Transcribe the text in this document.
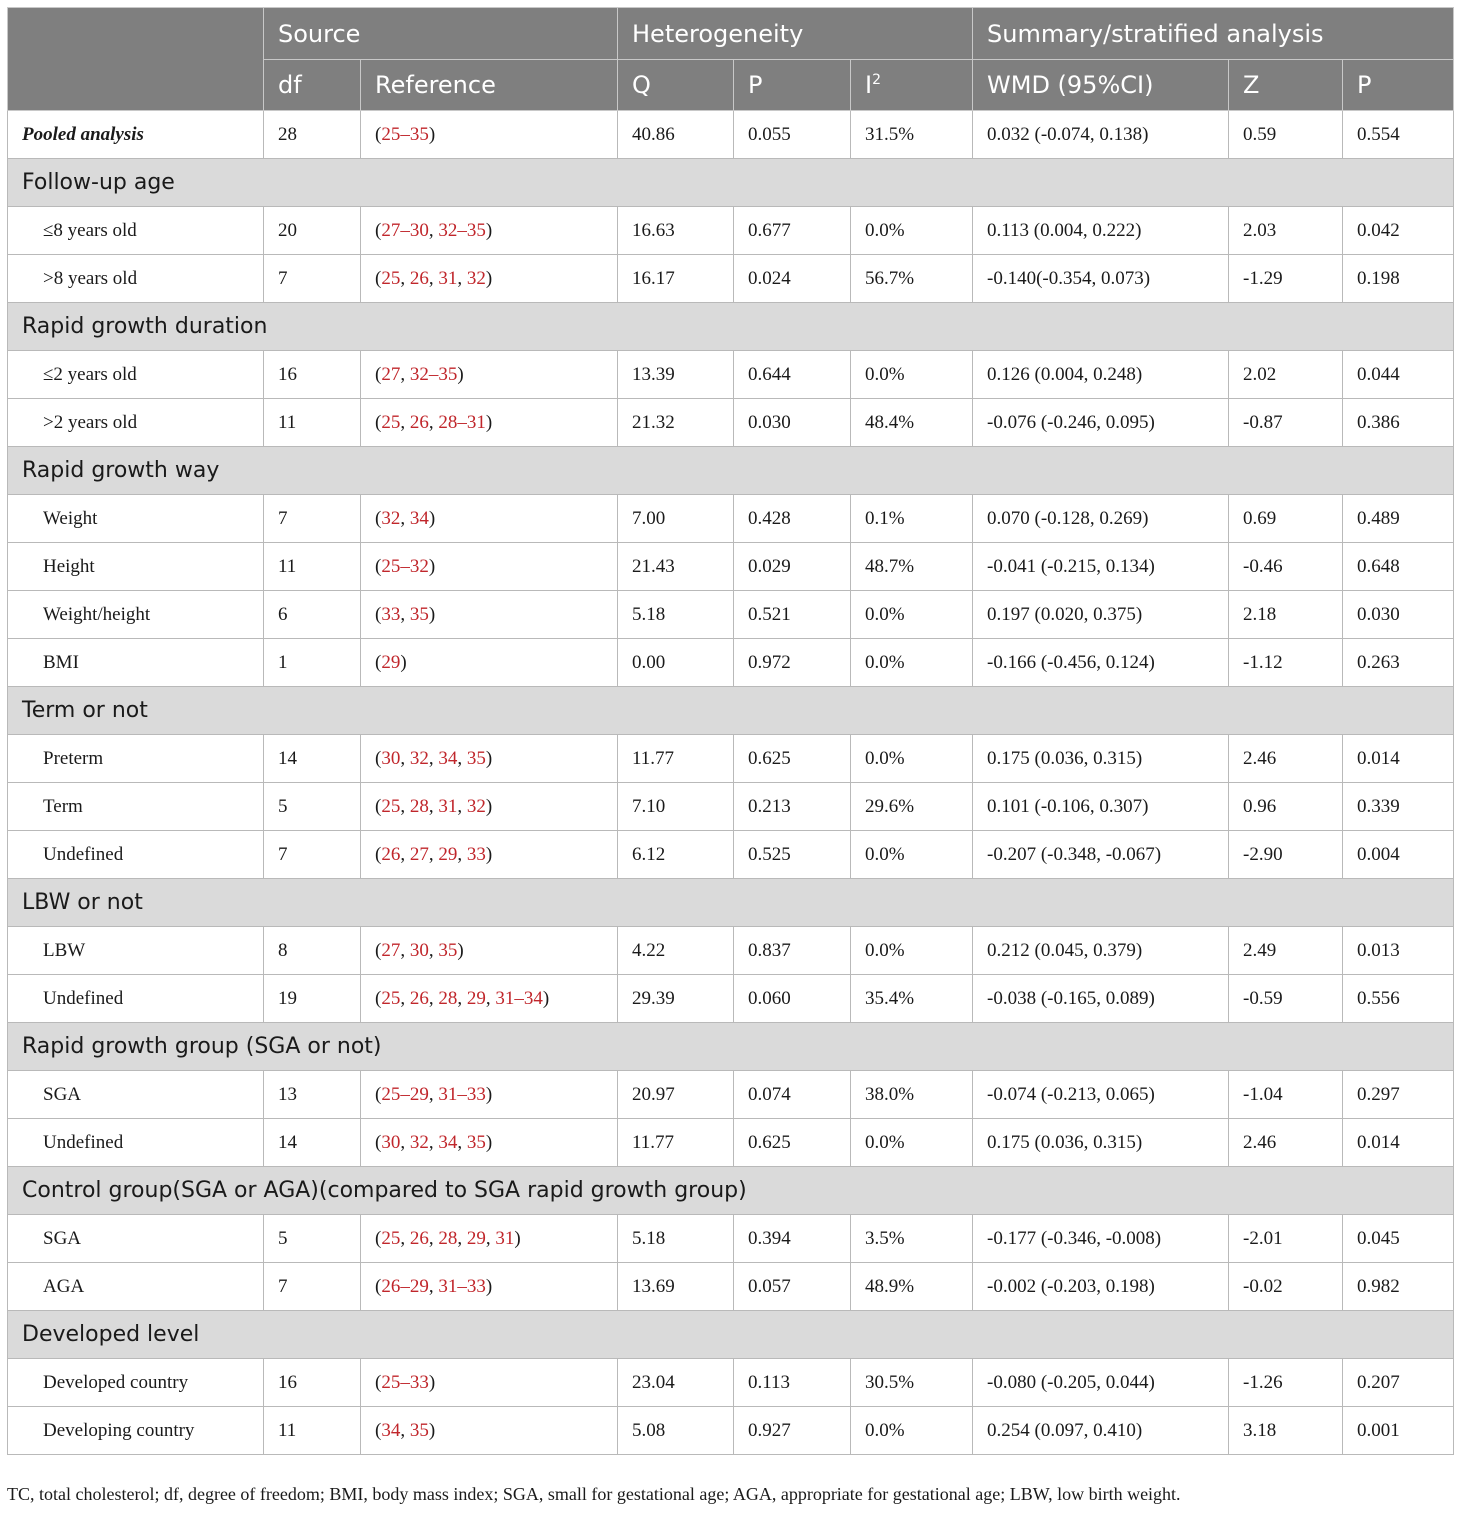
	Source		Heterogeneity			Summary/stratified analysis		
	df	Reference	Q	P	$I^2$	WMD (95%CI)	Z	P
Pooled analysis	28	(25–35)	40.86	0.055	31.5%	0.032 (-0.074, 0.138)	0.59	0.554
Follow-up age								
≤8 years old	20	(27–30, 32–35)	16.63	0.677	0.0%	0.113 (0.004, 0.222)	2.03	0.042
>8 years old	7	(25, 26, 31, 32)	16.17	0.024	56.7%	-0.140(-0.354, 0.073)	-1.29	0.198
Rapid growth duration								
≤2 years old	16	(27, 32–35)	13.39	0.644	0.0%	0.126 (0.004, 0.248)	2.02	0.044
>2 years old	11	(25, 26, 28–31)	21.32	0.030	48.4%	-0.076 (-0.246, 0.095)	-0.87	0.386
Rapid growth way								
Weight	7	(32, 34)	7.00	0.428	0.1%	0.070 (-0.128, 0.269)	0.69	0.489
Height	11	(25–32)	21.43	0.029	48.7%	-0.041 (-0.215, 0.134)	-0.46	0.648
Weight/height	6	(33, 35)	5.18	0.521	0.0%	0.197 (0.020, 0.375)	2.18	0.030
BMI	1	(29)	0.00	0.972	0.0%	-0.166 (-0.456, 0.124)	-1.12	0.263
Term or not								
Preterm	14	(30, 32, 34, 35)	11.77	0.625	0.0%	0.175 (0.036, 0.315)	2.46	0.014
Term	5	(25, 28, 31, 32)	7.10	0.213	29.6%	0.101 (-0.106, 0.307)	0.96	0.339
Undefined	7	(26, 27, 29, 33)	6.12	0.525	0.0%	-0.207 (-0.348, -0.067)	-2.90	0.004
LBW or not								
LBW	8	(27, 30, 35)	4.22	0.837	0.0%	0.212 (0.045, 0.379)	2.49	0.013
Undefined	19	(25, 26, 28, 29, 31–34)	29.39	0.060	35.4%	-0.038 (-0.165, 0.089)	-0.59	0.556
Rapid growth group (SGA or not)								
SGA	13	(25–29, 31–33)	20.97	0.074	38.0%	-0.074 (-0.213, 0.065)	-1.04	0.297
Undefined	14	(30, 32, 34, 35)	11.77	0.625	0.0%	0.175 (0.036, 0.315)	2.46	0.014
Control group(SGA or AGA)(compared to SGA rapid growth group)								
SGA	5	(25, 26, 28, 29, 31)	5.18	0.394	3.5%	-0.177 (-0.346, -0.008)	-2.01	0.045
AGA	7	(26–29, 31–33)	13.69	0.057	48.9%	-0.002 (-0.203, 0.198)	-0.02	0.982
Developed level								
Developed country	16	(25–33)	23.04	0.113	30.5%	-0.080 (-0.205, 0.044)	-1.26	0.207
Developing country	11	(34, 35)	5.08	0.927	0.0%	0.254 (0.097, 0.410)	3.18	0.001
TC, total cholesterol; df, degree of freedom; BMI, body mass index; SGA, small for gestational age; AGA, appropriate for gestational age; LBW, low birth weight.
